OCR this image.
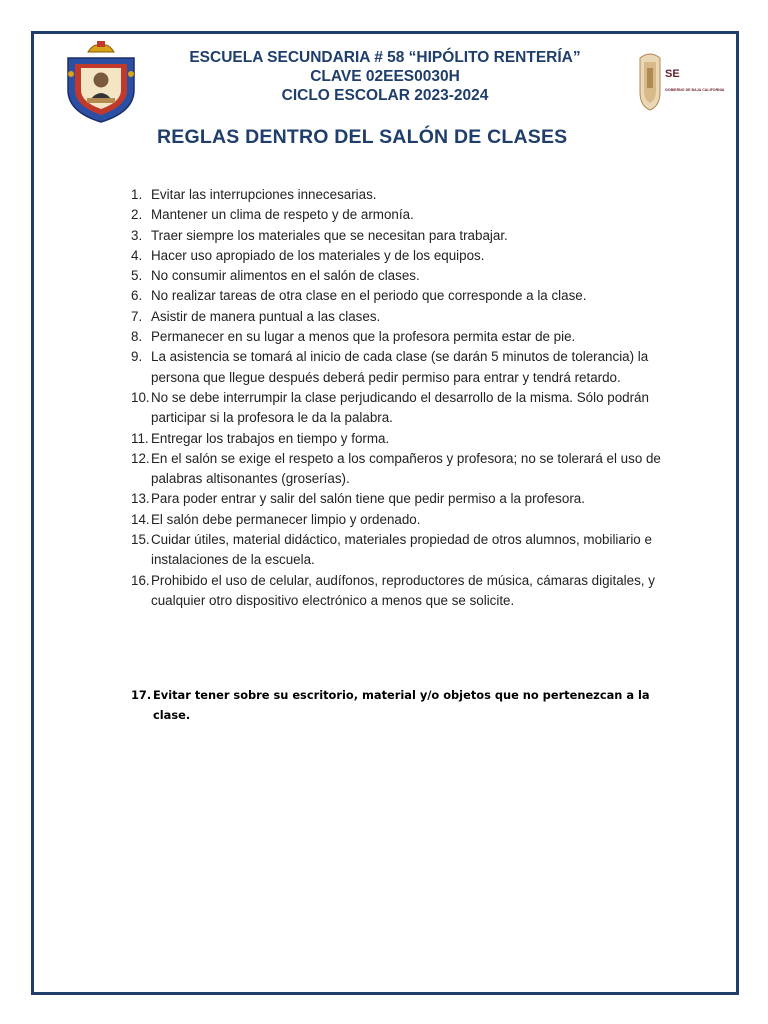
SE
GOBIERNO DE BAJA CALIFORNIA
ESCUELA SECUNDARIA # 58 “HIPÓLITO RENTERÍA”
CLAVE 02EES0030H
CICLO ESCOLAR 2023-2024
REGLAS DENTRO DEL SALÓN DE CLASES
1. Evitar las interrupciones innecesarias.
2. Mantener un clima de respeto y de armonía.
3. Traer siempre los materiales que se necesitan para trabajar.
4. Hacer uso apropiado de los materiales y de los equipos.
5. No consumir alimentos en el salón de clases.
6. No realizar tareas de otra clase en el periodo que corresponde a la clase.
7. Asistir de manera puntual a las clases.
8. Permanecer en su lugar a menos que la profesora permita estar de pie.
9. La asistencia se tomará al inicio de cada clase (se darán 5 minutos de tolerancia) la persona que llegue después deberá pedir permiso para entrar y tendrá retardo.
10. No se debe interrumpir la clase perjudicando el desarrollo de la misma. Sólo podrán participar si la profesora le da la palabra.
11. Entregar los trabajos en tiempo y forma.
12. En el salón se exige el respeto a los compañeros y profesora; no se tolerará el uso de palabras altisonantes (groserías).
13. Para poder entrar y salir del salón tiene que pedir permiso a la profesora.
14. El salón debe permanecer limpio y ordenado.
15. Cuidar útiles, material didáctico, materiales propiedad de otros alumnos, mobiliario e instalaciones de la escuela.
16. Prohibido el uso de celular, audífonos, reproductores de música, cámaras digitales, y cualquier otro dispositivo electrónico a menos que se solicite.
17. Evitar tener sobre su escritorio, material y/o objetos que no pertenezcan a la clase.
